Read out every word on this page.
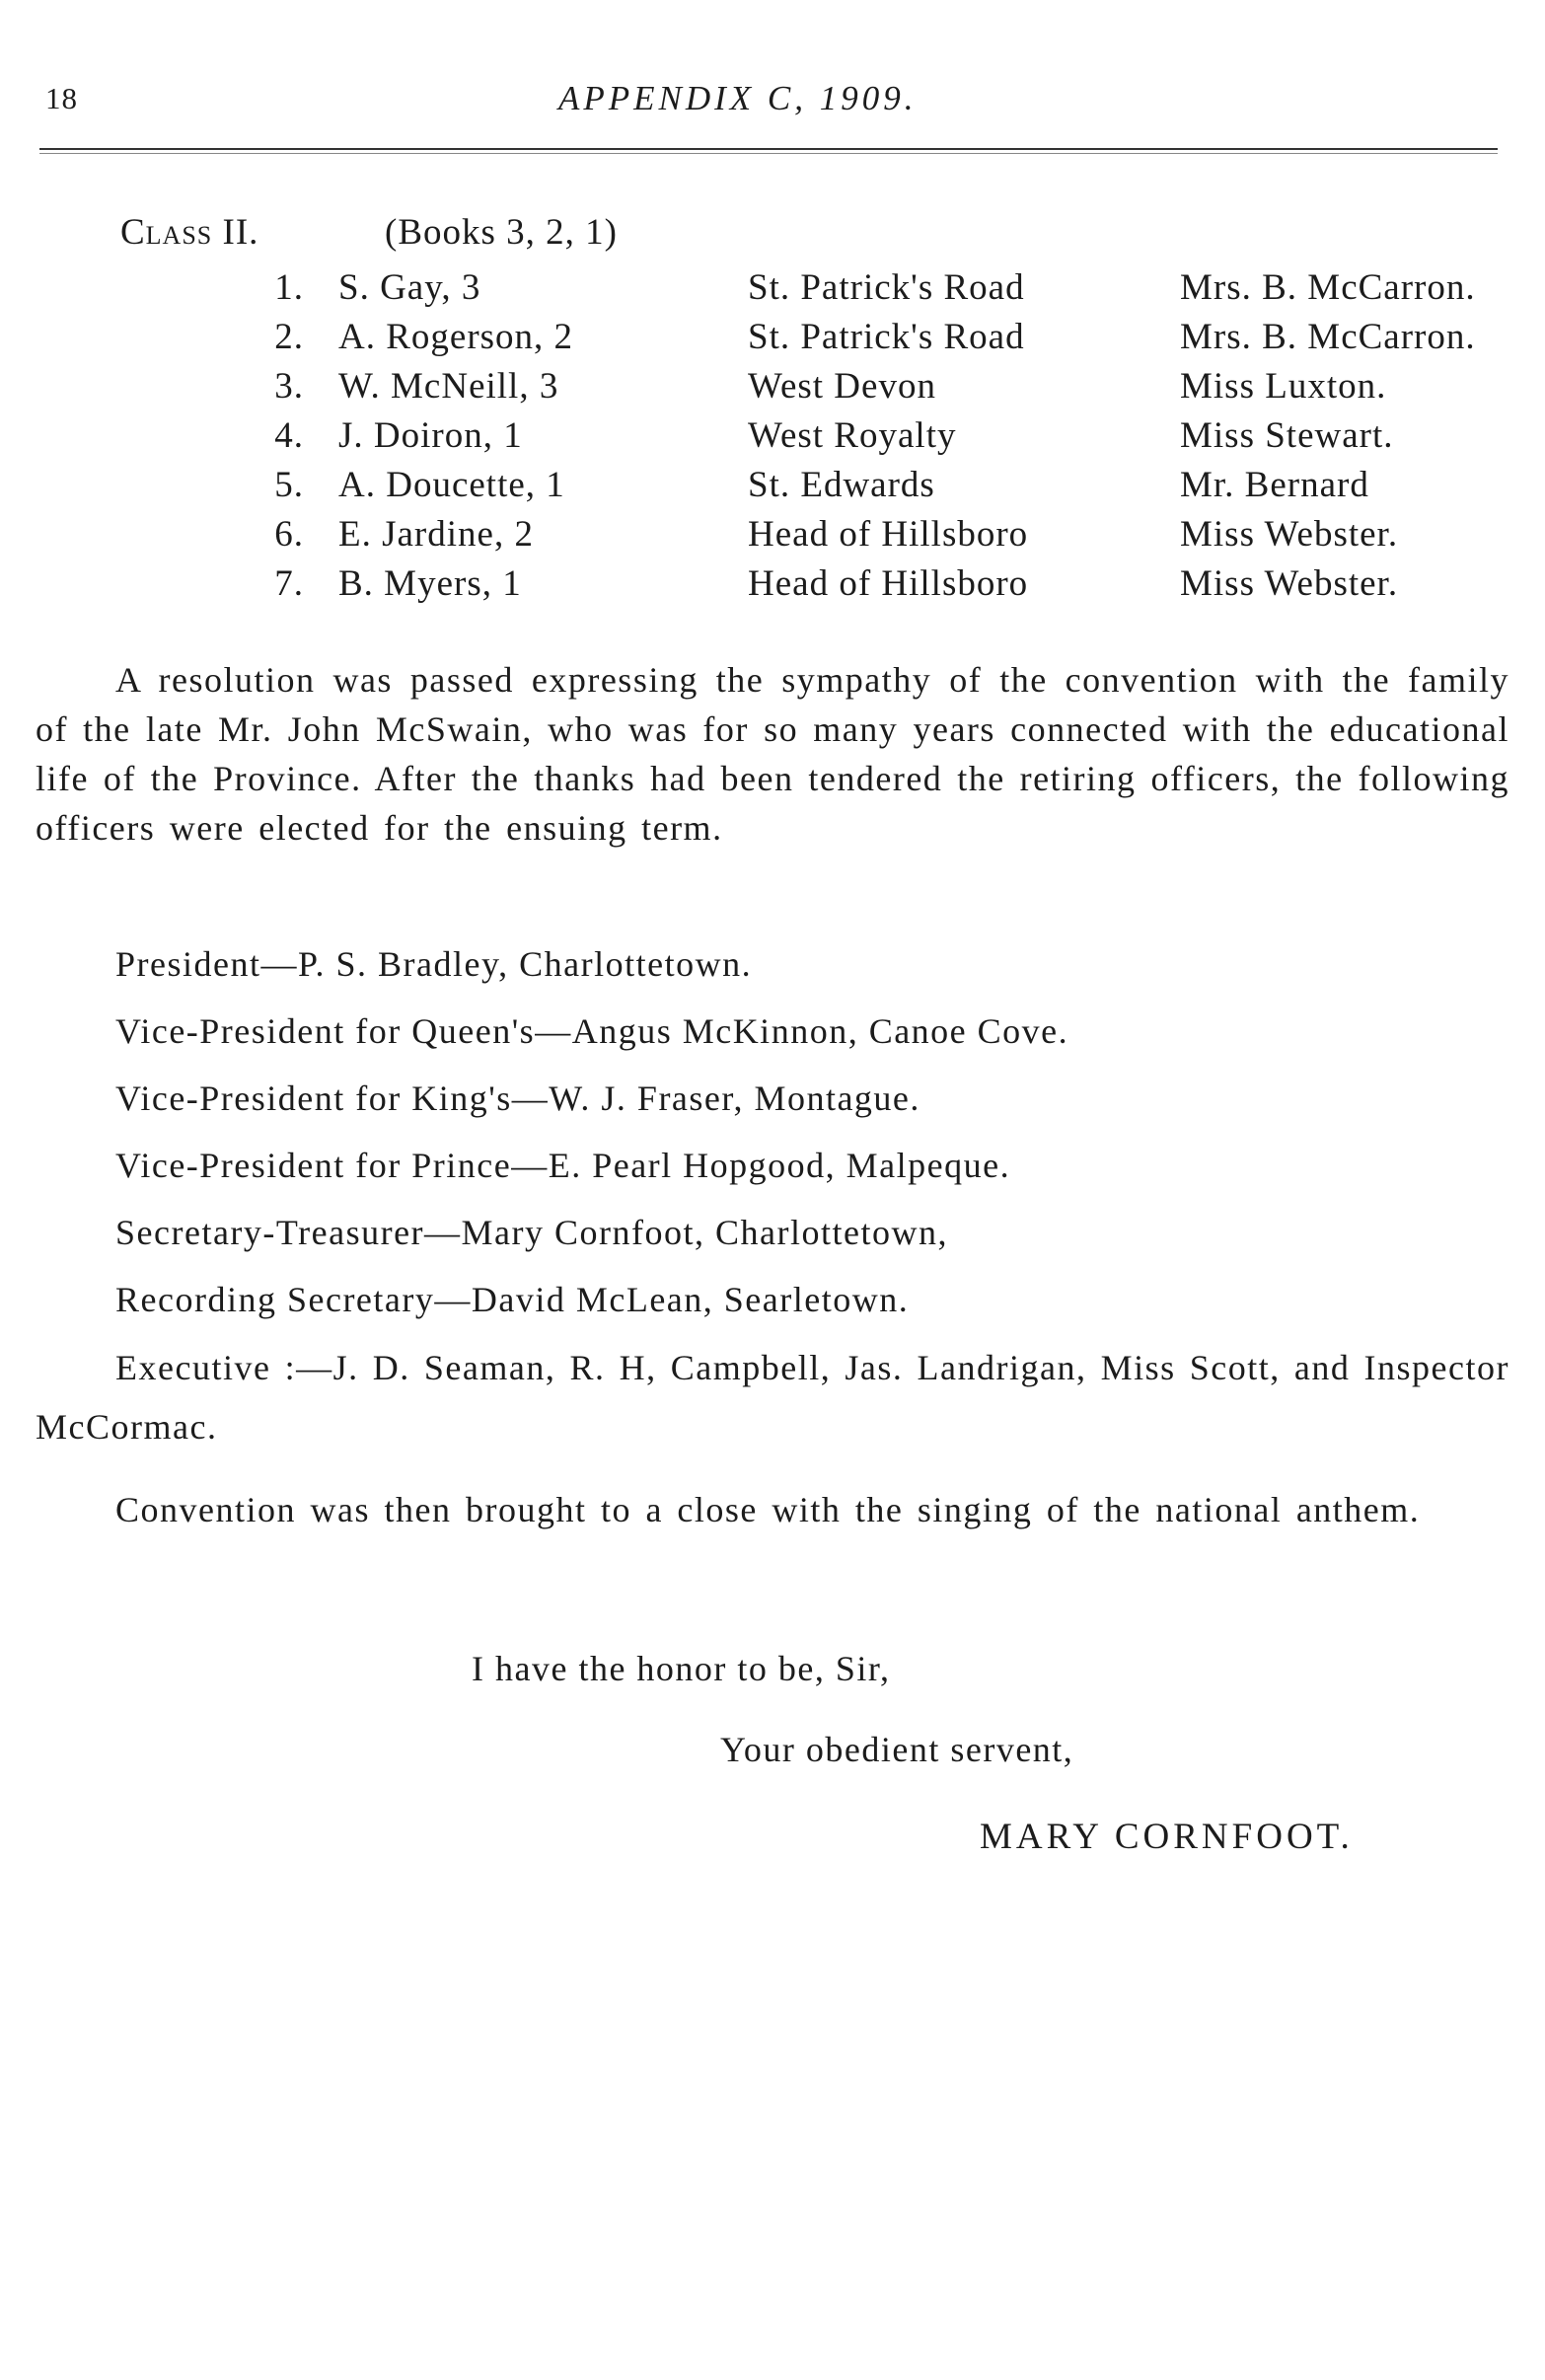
18	APPENDIX C, 1909.
Class II.	(Books 3, 2, 1)
1. S. Gay, 3	St. Patrick's Road	Mrs. B. McCarron.
2. A. Rogerson, 2	St. Patrick's Road	Mrs. B. McCarron.
3. W. McNeill, 3	West Devon	Miss Luxton.
4. J. Doiron, 1	West Royalty	Miss Stewart.
5. A. Doucette, 1	St. Edwards	Mr. Bernard
6. E. Jardine, 2	Head of Hillsboro	Miss Webster.
7. B. Myers, 1	Head of Hillsboro	Miss Webster.
A resolution was passed expressing the sympathy of the convention with the family of the late Mr. John McSwain, who was for so many years connected with the educational life of the Province. After the thanks had been tendered the retiring officers, the following officers were elected for the ensuing term.
President—P. S. Bradley, Charlottetown.
Vice-President for Queen's—Angus McKinnon, Canoe Cove.
Vice-President for King's—W. J. Fraser, Montague.
Vice-President for Prince—E. Pearl Hopgood, Malpeque.
Secretary-Treasurer—Mary Cornfoot, Charlottetown,
Recording Secretary—David McLean, Searletown.
Executive :—J. D. Seaman, R. H, Campbell, Jas. Landrigan, Miss Scott, and Inspector McCormac.
Convention was then brought to a close with the singing of the national anthem.
I have the honor to be, Sir,
Your obedient servent,
MARY CORNFOOT.
